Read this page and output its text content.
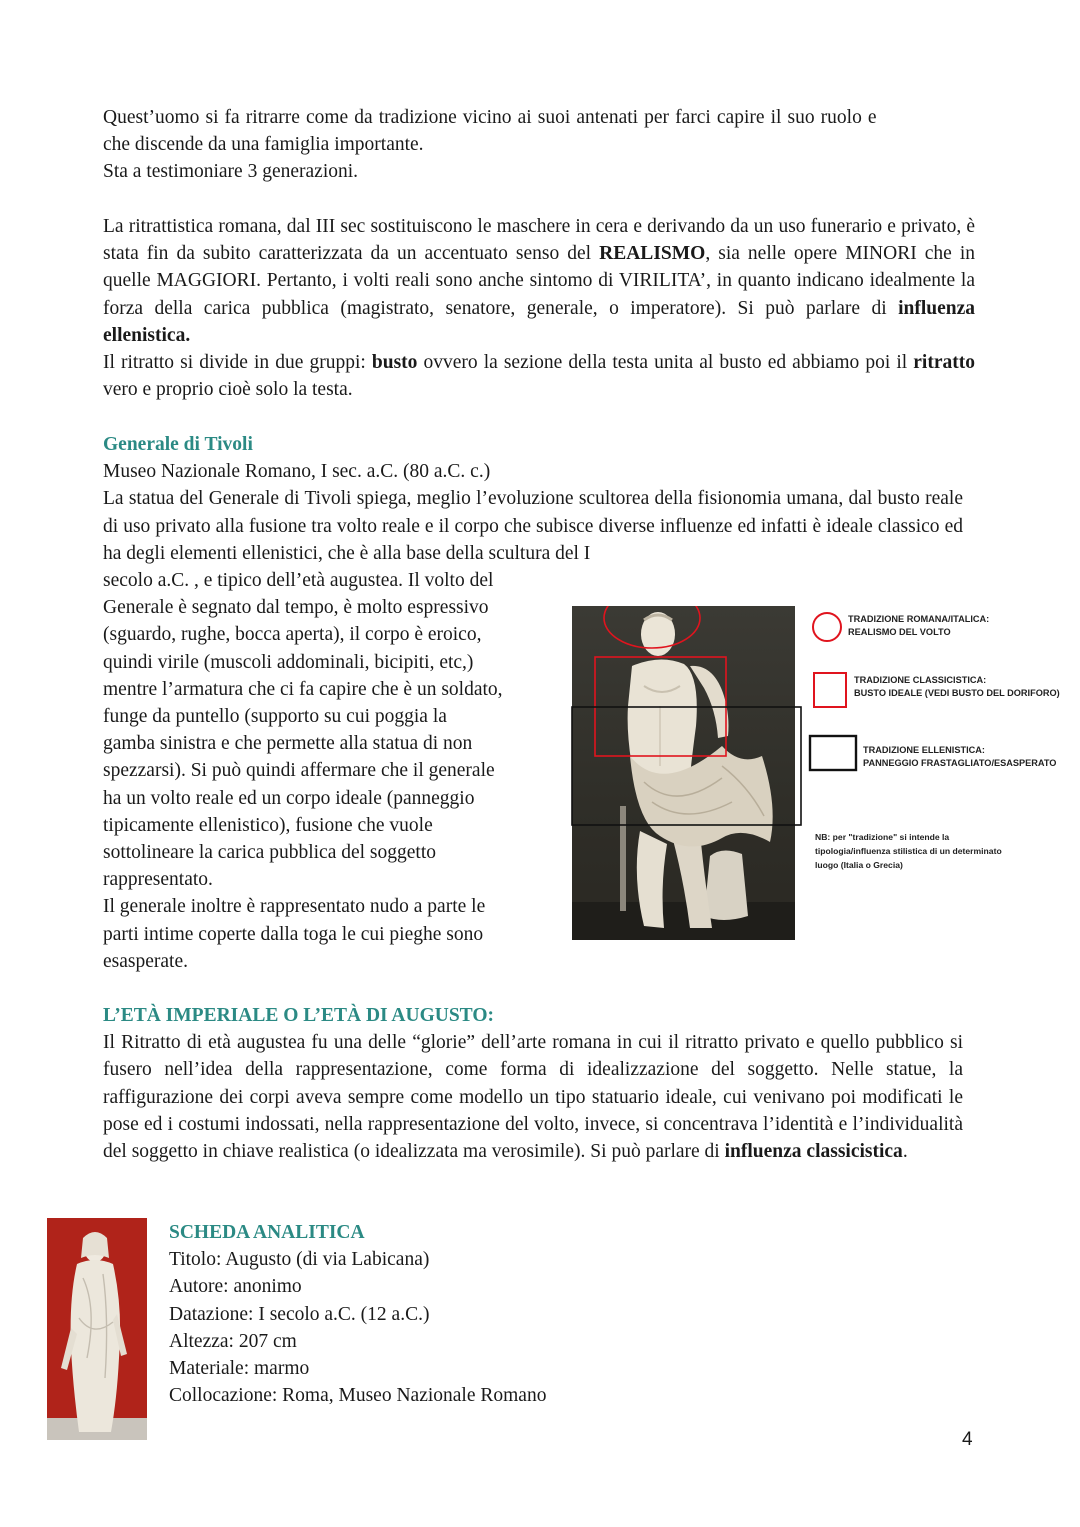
Quest’uomo si fa ritrarre come da tradizione vicino ai suoi antenati per farci capire il suo ruolo e

che discende da una famiglia importante.

Sta a testimoniare 3 generazioni.

La ritrattistica romana, dal III sec sostituiscono le maschere in cera e derivando da un uso funerario e privato, è stata fin da subito caratterizzata da un accentuato senso del REALISMO, sia nelle opere MINORI che in quelle MAGGIORI. Pertanto, i volti reali sono anche sintomo di VIRILITA’, in quanto indicano idealmente la forza della carica pubblica (magistrato, senatore, generale, o imperatore). Si può parlare di influenza ellenistica.

Il ritratto si divide in due gruppi: busto ovvero la sezione della testa unita al busto ed abbiamo poi il ritratto vero e proprio cioè solo la testa.

Generale di Tivoli

Museo Nazionale Romano, I sec. a.C. (80 a.C. c.)

La statua del Generale di Tivoli spiega, meglio l’evoluzione scultorea della fisionomia umana, dal busto reale di uso privato alla fusione tra volto reale e il corpo che subisce diverse influenze ed infatti è ideale classico ed ha degli elementi ellenistici, che è alla base della scultura del I

secolo a.C. , e tipico dell’età augustea. Il volto del

Generale è segnato dal tempo, è molto espressivo

(sguardo, rughe, bocca aperta), il corpo è eroico,

quindi virile (muscoli addominali, bicipiti, etc,)

mentre l’armatura che ci fa capire che è un soldato,

funge da puntello (supporto su cui poggia la

gamba sinistra e che permette alla statua di non

spezzarsi). Si può quindi affermare che il generale

ha un volto reale ed un corpo ideale (panneggio

tipicamente ellenistico), fusione che vuole

sottolineare la carica pubblica del soggetto

rappresentato.

Il generale inoltre è rappresentato nudo a parte le

parti intime coperte dalla toga le cui pieghe sono

esasperate.

TRADIZIONE ROMANA/ITALICA:
REALISMO DEL VOLTO
TRADIZIONE CLASSICISTICA:
BUSTO IDEALE (VEDI BUSTO DEL DORIFORO)
TRADIZIONE ELLENISTICA:
PANNEGGIO FRASTAGLIATO/ESASPERATO
NB: per "tradizione" si intende la
tipologia/influenza stilistica di un determinato
luogo (Italia o Grecia)

L’ETÀ IMPERIALE O L’ETÀ DI AUGUSTO:

Il Ritratto di età augustea fu una delle “glorie” dell’arte romana in cui il ritratto privato e quello pubblico si fusero nell’idea della rappresentazione, come forma di idealizzazione del soggetto. Nelle statue, la raffigurazione dei corpi aveva sempre come modello un tipo statuario ideale, cui venivano poi modificati le pose ed i costumi indossati, nella rappresentazione del volto, invece, si concentrava l’identità e l’individualità del soggetto in chiave realistica (o idealizzata ma verosimile). Si può parlare di influenza classicistica.

SCHEDA ANALITICA

Titolo: Augusto (di via Labicana)

Autore: anonimo

Datazione: I secolo a.C. (12 a.C.)

Altezza: 207 cm

Materiale: marmo

Collocazione: Roma, Museo Nazionale Romano

4
